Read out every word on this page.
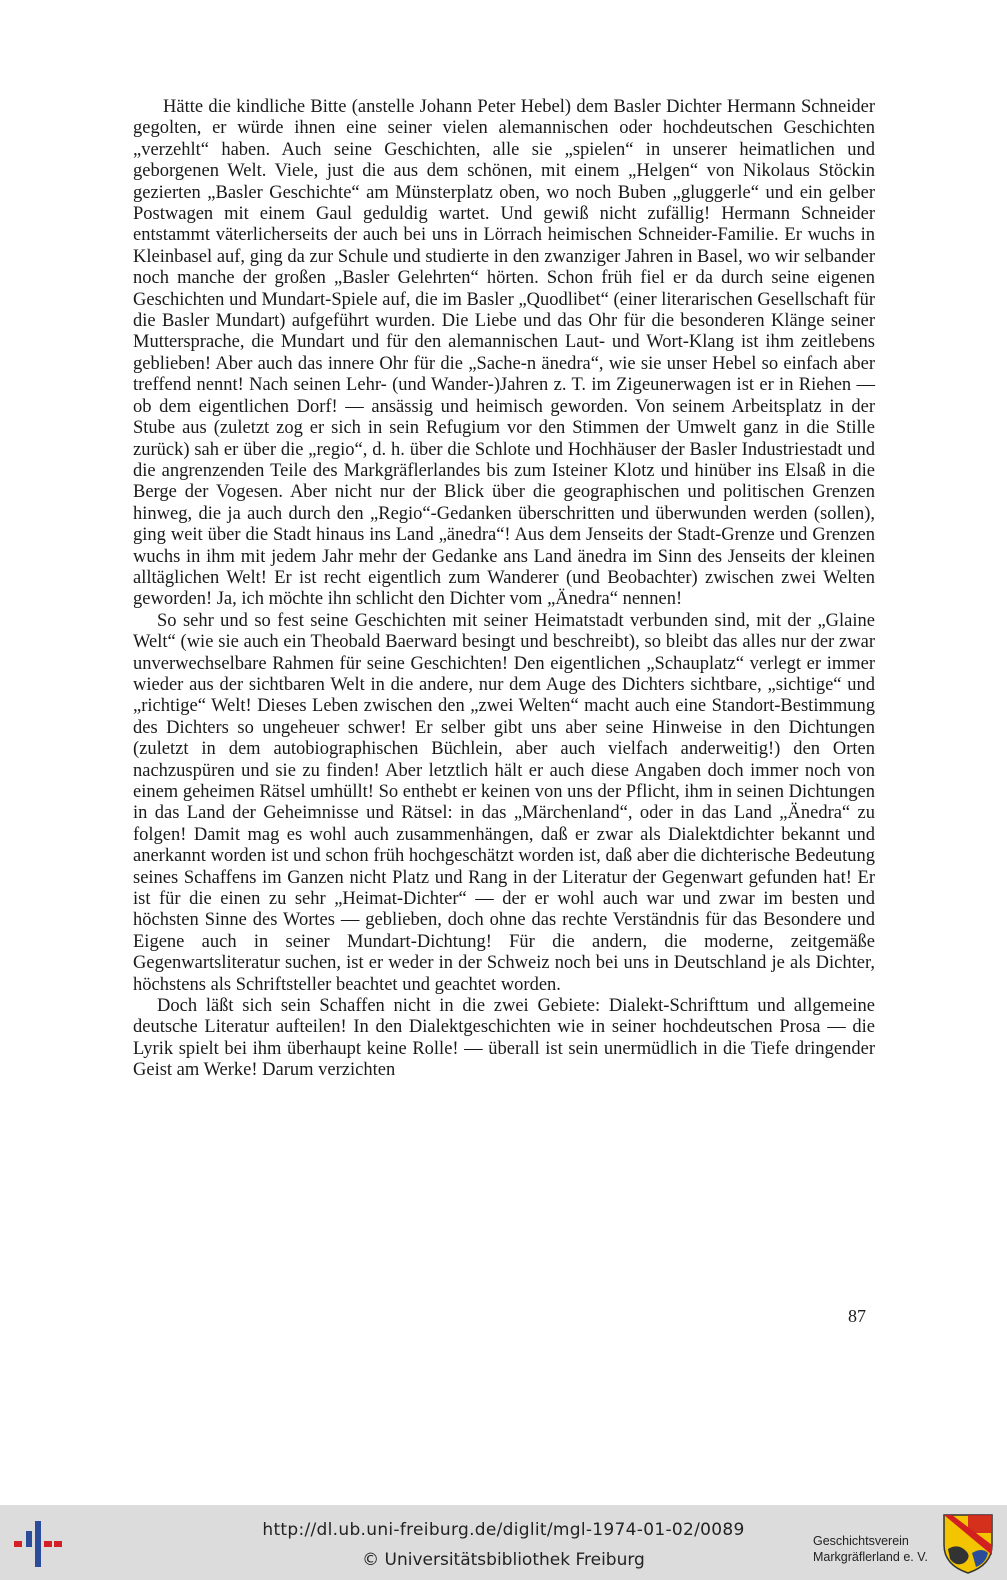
Hätte die kindliche Bitte (anstelle Johann Peter Hebel) dem Basler Dichter Hermann Schneider gegolten, er würde ihnen eine seiner vielen alemannischen oder hochdeutschen Geschichten „verzehlt“ haben. Auch seine Geschichten, alle sie „spielen“ in unserer heimatlichen und geborgenen Welt. Viele, just die aus dem schönen, mit einem „Helgen“ von Nikolaus Stöckin gezierten „Basler Geschichte“ am Münsterplatz oben, wo noch Buben „gluggerle“ und ein gelber Postwagen mit einem Gaul geduldig wartet. Und gewiß nicht zufällig! Hermann Schneider entstammt väterlicherseits der auch bei uns in Lörrach heimischen Schneider-Familie. Er wuchs in Kleinbasel auf, ging da zur Schule und studierte in den zwanziger Jahren in Basel, wo wir selbander noch manche der großen „Basler Gelehrten“ hörten. Schon früh fiel er da durch seine eigenen Geschichten und Mundart-Spiele auf, die im Basler „Quodlibet“ (einer literarischen Gesellschaft für die Basler Mundart) aufgeführt wurden. Die Liebe und das Ohr für die besonderen Klänge seiner Muttersprache, die Mundart und für den alemannischen Laut- und Wort-Klang ist ihm zeitlebens geblieben! Aber auch das innere Ohr für die „Sache-n änedra“, wie sie unser Hebel so einfach aber treffend nennt! Nach seinen Lehr- (und Wander-)Jahren z. T. im Zigeunerwagen ist er in Riehen — ob dem eigentlichen Dorf! — ansässig und heimisch geworden. Von seinem Arbeitsplatz in der Stube aus (zuletzt zog er sich in sein Refugium vor den Stimmen der Umwelt ganz in die Stille zurück) sah er über die „regio“, d. h. über die Schlote und Hochhäuser der Basler Industriestadt und die angrenzenden Teile des Markgräflerlandes bis zum Isteiner Klotz und hinüber ins Elsaß in die Berge der Vogesen. Aber nicht nur der Blick über die geographischen und politischen Grenzen hinweg, die ja auch durch den „Regio“-Gedanken überschritten und überwunden werden (sollen), ging weit über die Stadt hinaus ins Land „änedra“! Aus dem Jenseits der Stadt-Grenze und Grenzen wuchs in ihm mit jedem Jahr mehr der Gedanke ans Land änedra im Sinn des Jenseits der kleinen alltäglichen Welt! Er ist recht eigentlich zum Wanderer (und Beobachter) zwischen zwei Welten geworden! Ja, ich möchte ihn schlicht den Dichter vom „Änedra“ nennen!

So sehr und so fest seine Geschichten mit seiner Heimatstadt verbunden sind, mit der „Glaine Welt“ (wie sie auch ein Theobald Baerward besingt und beschreibt), so bleibt das alles nur der zwar unverwechselbare Rahmen für seine Geschichten! Den eigentlichen „Schauplatz“ verlegt er immer wieder aus der sichtbaren Welt in die andere, nur dem Auge des Dichters sichtbare, „sichtige“ und „richtige“ Welt! Dieses Leben zwischen den „zwei Welten“ macht auch eine Standort-Bestimmung des Dichters so ungeheuer schwer! Er selber gibt uns aber seine Hinweise in den Dichtungen (zuletzt in dem autobiographischen Büchlein, aber auch vielfach anderweitig!) den Orten nachzuspüren und sie zu finden! Aber letztlich hält er auch diese Angaben doch immer noch von einem geheimen Rätsel umhüllt! So enthebt er keinen von uns der Pflicht, ihm in seinen Dichtungen in das Land der Geheimnisse und Rätsel: in das „Märchenland“, oder in das Land „Änedra“ zu folgen! Damit mag es wohl auch zusammenhängen, daß er zwar als Dialektdichter bekannt und anerkannt worden ist und schon früh hochgeschätzt worden ist, daß aber die dichterische Bedeutung seines Schaffens im Ganzen nicht Platz und Rang in der Literatur der Gegenwart gefunden hat! Er ist für die einen zu sehr „Heimat-Dichter“ — der er wohl auch war und zwar im besten und höchsten Sinne des Wortes — geblieben, doch ohne das rechte Verständnis für das Besondere und Eigene auch in seiner Mundart-Dichtung! Für die andern, die moderne, zeitgemäße Gegenwartsliteratur suchen, ist er weder in der Schweiz noch bei uns in Deutschland je als Dichter, höchstens als Schriftsteller beachtet und geachtet worden.

Doch läßt sich sein Schaffen nicht in die zwei Gebiete: Dialekt-Schrifttum und allgemeine deutsche Literatur aufteilen! In den Dialektgeschichten wie in seiner hochdeutschen Prosa — die Lyrik spielt bei ihm überhaupt keine Rolle! — überall ist sein unermüdlich in die Tiefe dringender Geist am Werke! Darum verzichten

87
http://dl.ub.uni-freiburg.de/diglit/mgl-1974-01-02/0089
© Universitätsbibliothek Freiburg
Geschichtsverein
Markgräflerland e. V.
